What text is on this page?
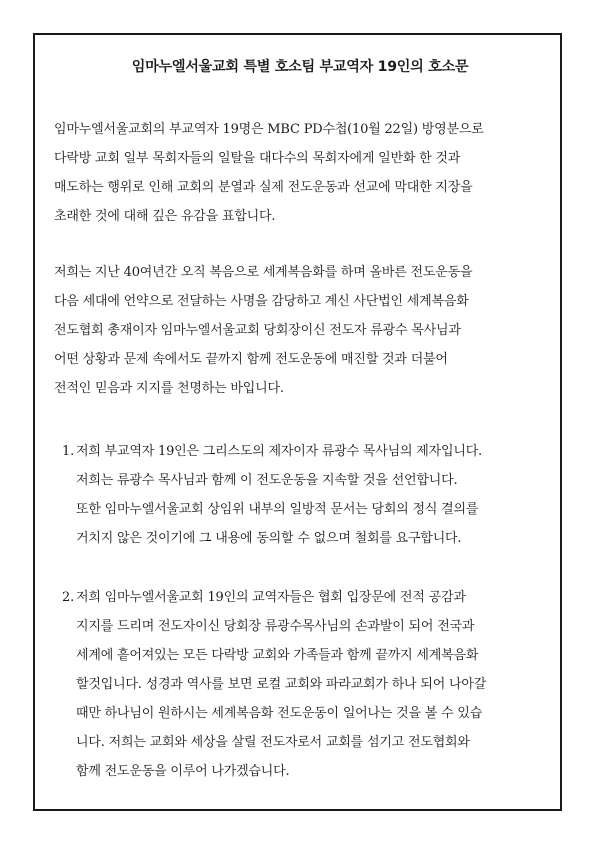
임마누엘서울교회 특별 호소팀 부교역자 19인의 호소문

임마누엘서울교회의 부교역자 19명은 MBC PD수첩(10월 22일) 방영분으로

다락방 교회 일부 목회자들의 일탈을 대다수의 목회자에게 일반화 한 것과

매도하는 행위로 인해 교회의 분열과 실제 전도운동과 선교에 막대한 지장을

초래한 것에 대해 깊은 유감을 표합니다.

저희는 지난 40여년간 오직 복음으로 세계복음화를 하며 올바른 전도운동을

다음 세대에 언약으로 전달하는 사명을 감당하고 계신 사단법인 세계복음화

전도협회 총재이자 임마누엘서울교회 당회장이신 전도자 류광수 목사님과

어떤 상황과 문제 속에서도 끝까지 함께 전도운동에 매진할 것과 더불어

전적인 믿음과 지지를 천명하는 바입니다.

1. 저희 부교역자 19인은 그리스도의 제자이자 류광수 목사님의 제자입니다.

저희는 류광수 목사님과 함께 이 전도운동을 지속할 것을 선언합니다.

또한 임마누엘서울교회 상임위 내부의 일방적 문서는 당회의 정식 결의를

거치지 않은 것이기에 그 내용에 동의할 수 없으며 철회를 요구합니다.

2. 저희 임마누엘서울교회 19인의 교역자들은 협회 입장문에 전적 공감과

지지를 드리며 전도자이신 당회장 류광수목사님의 손과발이 되어 전국과

세계에 흩어져있는 모든 다락방 교회와 가족들과 함께 끝까지 세계복음화

할것입니다. 성경과 역사를 보면 로컬 교회와 파라교회가 하나 되어 나아갈

때만 하나님이 원하시는 세계복음화 전도운동이 일어나는 것을 볼 수 있습

니다. 저희는 교회와 세상을 살릴 전도자로서 교회를 섬기고 전도협회와

함께 전도운동을 이루어 나가겠습니다.
